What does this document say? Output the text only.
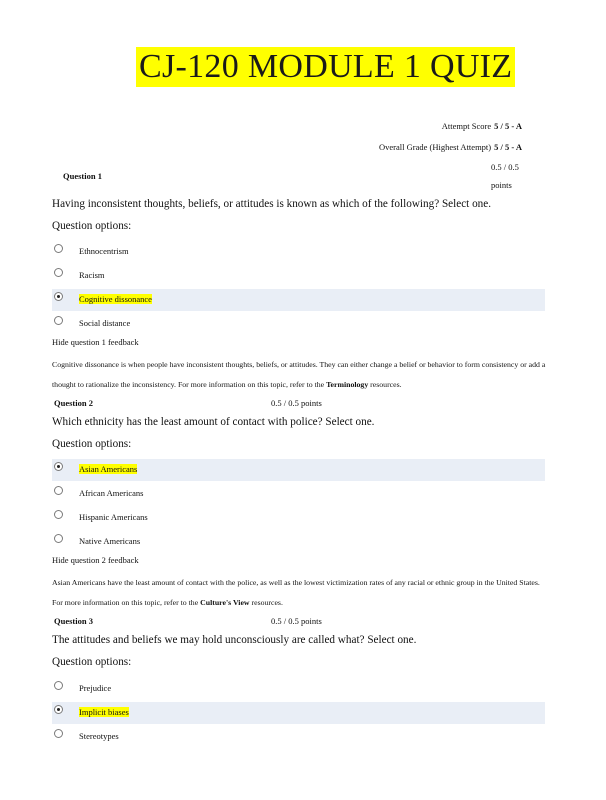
CJ-120 MODULE 1 QUIZ
Attempt Score 5 / 5 - A
Overall Grade (Highest Attempt) 5 / 5 - A
0.5 / 0.5
Question 1
points
Having inconsistent thoughts, beliefs, or attitudes is known as which of the following? Select one.
Question options:
Ethnocentrism
Racism
Cognitive dissonance
Social distance
Hide question 1 feedback
Cognitive dissonance is when people have inconsistent thoughts, beliefs, or attitudes. They can either change a belief or behavior to form consistency or add a thought to rationalize the inconsistency. For more information on this topic, refer to the Terminology resources.
Question 2	0.5 / 0.5 points
Which ethnicity has the least amount of contact with police? Select one.
Question options:
Asian Americans
African Americans
Hispanic Americans
Native Americans
Hide question 2 feedback
Asian Americans have the least amount of contact with the police, as well as the lowest victimization rates of any racial or ethnic group in the United States. For more information on this topic, refer to the Culture's View resources.
Question 3	0.5 / 0.5 points
The attitudes and beliefs we may hold unconsciously are called what? Select one.
Question options:
Prejudice
Implicit biases
Stereotypes
